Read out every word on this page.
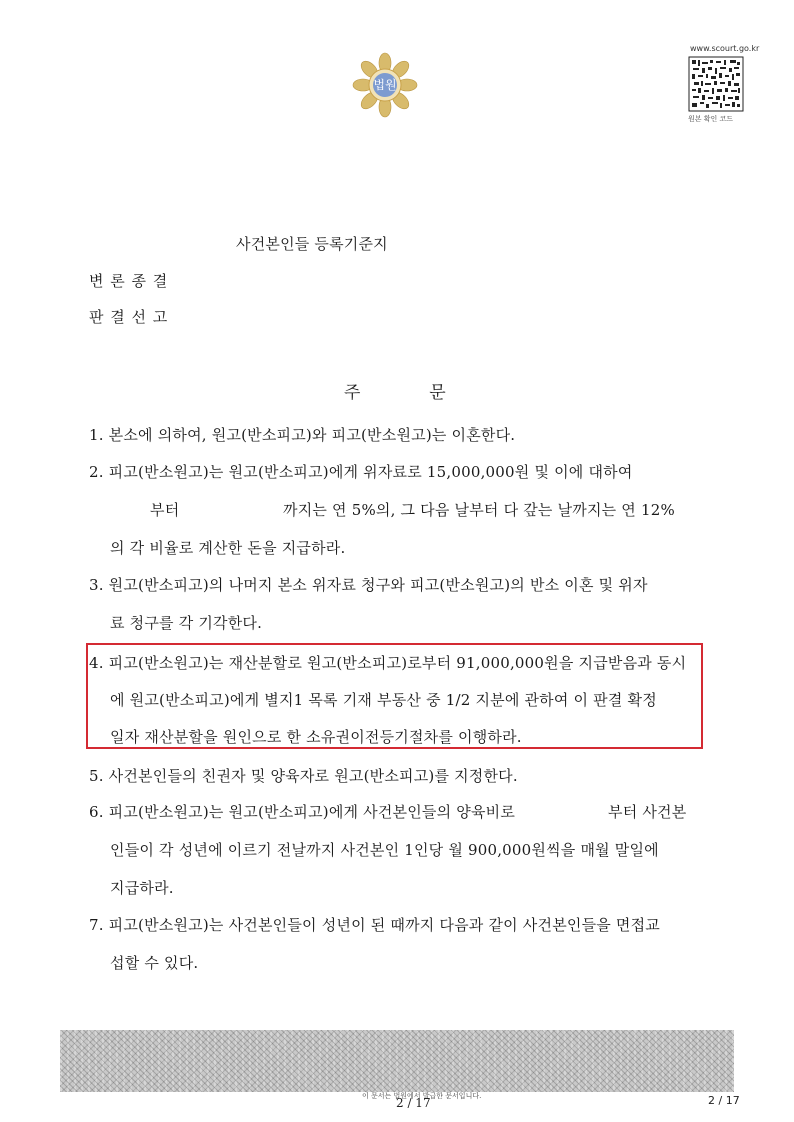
법원
www.scourt.go.kr
원본 확인 코드
사건본인들 등록기준지
변 론 종 결
판 결 선 고
주	문
1. 본소에 의하여, 원고(반소피고)와 피고(반소원고)는 이혼한다.
2. 피고(반소원고)는 원고(반소피고)에게 위자료로 15,000,000원 및 이에 대하여
부터	까지는 연 5%의, 그 다음 날부터 다 갚는 날까지는 연 12%
의 각 비율로 계산한 돈을 지급하라.
3. 원고(반소피고)의 나머지 본소 위자료 청구와 피고(반소원고)의 반소 이혼 및 위자
료 청구를 각 기각한다.
4. 피고(반소원고)는 재산분할로 원고(반소피고)로부터 91,000,000원을 지급받음과 동시
에 원고(반소피고)에게 별지1 목록 기재 부동산 중 1/2 지분에 관하여 이 판결 확정
일자 재산분할을 원인으로 한 소유권이전등기절차를 이행하라.
5. 사건본인들의 친권자 및 양육자로 원고(반소피고)를 지정한다.
6. 피고(반소원고)는 원고(반소피고)에게 사건본인들의 양육비로	부터 사건본
인들이 각 성년에 이르기 전날까지 사건본인 1인당 월 900,000원씩을 매월 말일에
지급하라.
7. 피고(반소원고)는 사건본인들이 성년이 된 때까지 다음과 같이 사건본인들을 면접교
섭할 수 있다.
이 문서는 법원에서 발급한 문서입니다.
2 / 17	2 / 17
